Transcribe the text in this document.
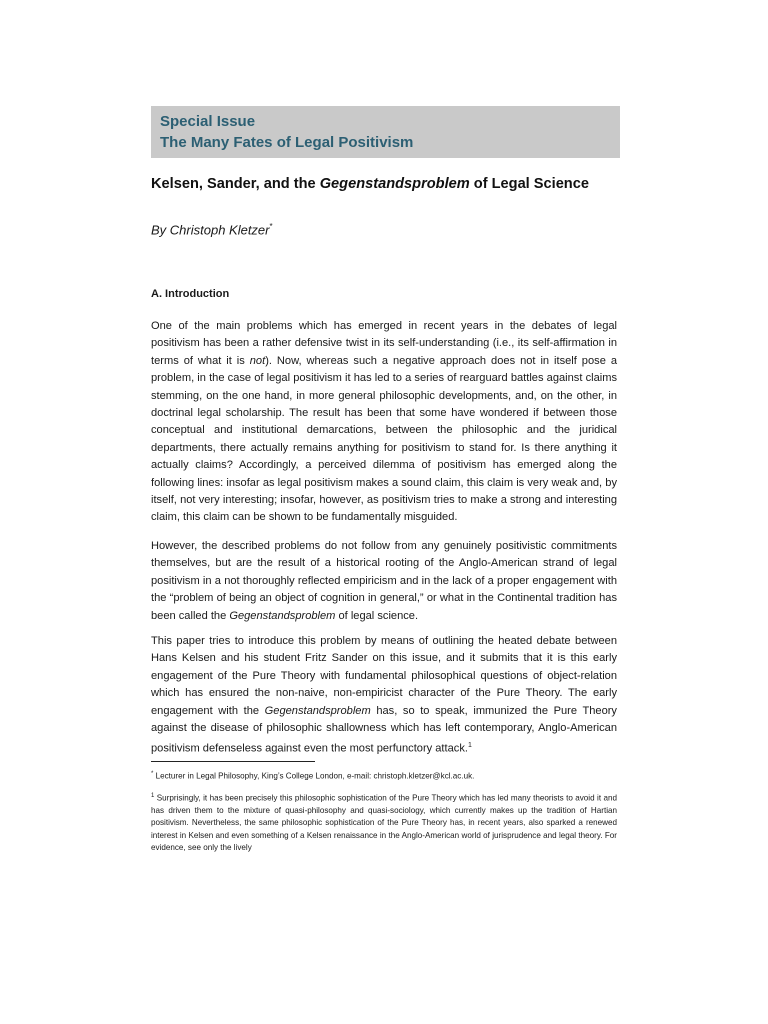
Special Issue
The Many Fates of Legal Positivism
Kelsen, Sander, and the Gegenstandsproblem of Legal Science
By Christoph Kletzer*
A. Introduction
One of the main problems which has emerged in recent years in the debates of legal positivism has been a rather defensive twist in its self-understanding (i.e., its self-affirmation in terms of what it is not). Now, whereas such a negative approach does not in itself pose a problem, in the case of legal positivism it has led to a series of rearguard battles against claims stemming, on the one hand, in more general philosophic developments, and, on the other, in doctrinal legal scholarship. The result has been that some have wondered if between those conceptual and institutional demarcations, between the philosophic and the juridical departments, there actually remains anything for positivism to stand for. Is there anything it actually claims? Accordingly, a perceived dilemma of positivism has emerged along the following lines: insofar as legal positivism makes a sound claim, this claim is very weak and, by itself, not very interesting; insofar, however, as positivism tries to make a strong and interesting claim, this claim can be shown to be fundamentally misguided.
However, the described problems do not follow from any genuinely positivistic commitments themselves, but are the result of a historical rooting of the Anglo-American strand of legal positivism in a not thoroughly reflected empiricism and in the lack of a proper engagement with the “problem of being an object of cognition in general,” or what in the Continental tradition has been called the Gegenstandsproblem of legal science.
This paper tries to introduce this problem by means of outlining the heated debate between Hans Kelsen and his student Fritz Sander on this issue, and it submits that it is this early engagement of the Pure Theory with fundamental philosophical questions of object-relation which has ensured the non-naive, non-empiricist character of the Pure Theory. The early engagement with the Gegenstandsproblem has, so to speak, immunized the Pure Theory against the disease of philosophic shallowness which has left contemporary, Anglo-American positivism defenseless against even the most perfunctory attack.$^1$
* Lecturer in Legal Philosophy, King’s College London, e-mail: christoph.kletzer@kcl.ac.uk.
$^1$ Surprisingly, it has been precisely this philosophic sophistication of the Pure Theory which has led many theorists to avoid it and has driven them to the mixture of quasi-philosophy and quasi-sociology, which currently makes up the tradition of Hartian positivism. Nevertheless, the same philosophic sophistication of the Pure Theory has, in recent years, also sparked a renewed interest in Kelsen and even something of a Kelsen renaissance in the Anglo-American world of jurisprudence and legal theory. For evidence, see only the lively
